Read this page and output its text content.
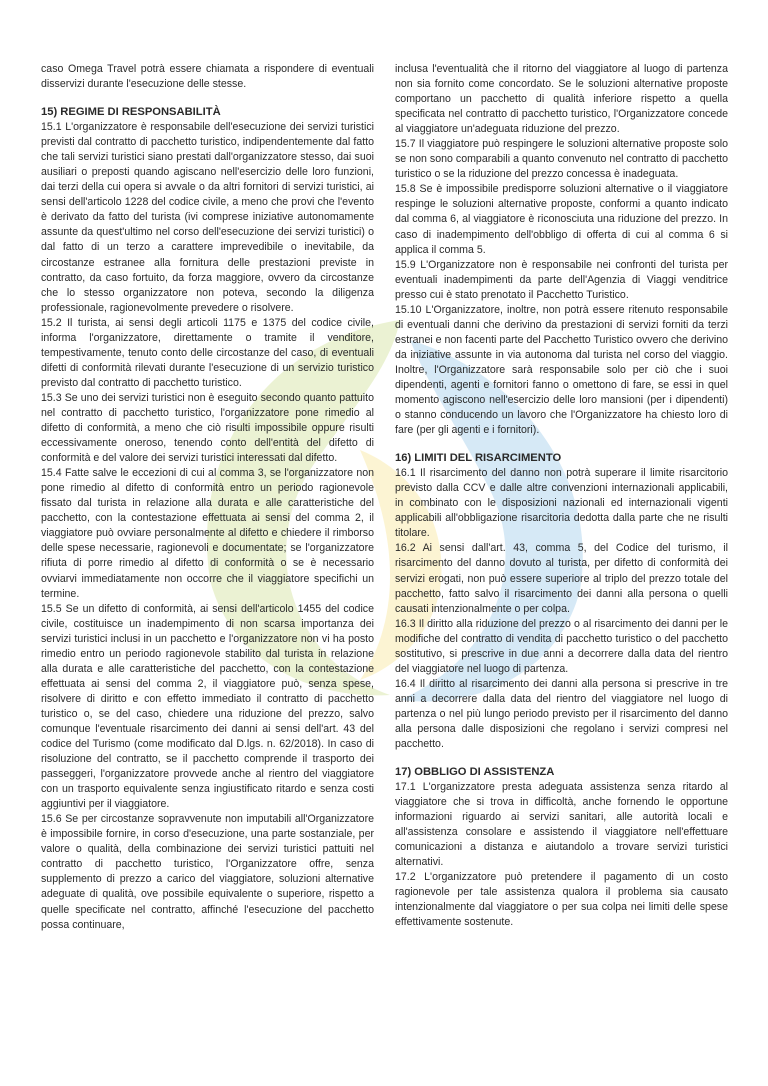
caso Omega Travel potrà essere chiamata a rispondere di eventuali disservizi durante l'esecuzione delle stesse.

15) REGIME DI RESPONSABILITÀ

15.1 L'organizzatore è responsabile dell'esecuzione dei servizi turistici previsti dal contratto di pacchetto turistico, indipendentemente dal fatto che tali servizi turistici siano prestati dall'organizzatore stesso, dai suoi ausiliari o preposti quando agiscano nell'esercizio delle loro funzioni, dai terzi della cui opera si avvale o da altri fornitori di servizi turistici, ai sensi dell'articolo 1228 del codice civile, a meno che provi che l'evento è derivato da fatto del turista (ivi comprese iniziative autonomamente assunte da quest'ultimo nel corso dell'esecuzione dei servizi turistici) o dal fatto di un terzo a carattere imprevedibile o inevitabile, da circostanze estranee alla fornitura delle prestazioni previste in contratto, da caso fortuito, da forza maggiore, ovvero da circostanze che lo stesso organizzatore non poteva, secondo la diligenza professionale, ragionevolmente prevedere o risolvere.

15.2 Il turista, ai sensi degli articoli 1175 e 1375 del codice civile, informa l'organizzatore, direttamente o tramite il venditore, tempestivamente, tenuto conto delle circostanze del caso, di eventuali difetti di conformità rilevati durante l'esecuzione di un servizio turistico previsto dal contratto di pacchetto turistico.

15.3 Se uno dei servizi turistici non è eseguito secondo quanto pattuito nel contratto di pacchetto turistico, l'organizzatore pone rimedio al difetto di conformità, a meno che ciò risulti impossibile oppure risulti eccessivamente oneroso, tenendo conto dell'entità del difetto di conformità e del valore dei servizi turistici interessati dal difetto.

15.4 Fatte salve le eccezioni di cui al comma 3, se l'organizzatore non pone rimedio al difetto di conformità entro un periodo ragionevole fissato dal turista in relazione alla durata e alle caratteristiche del pacchetto, con la contestazione effettuata ai sensi del comma 2, il viaggiatore può ovviare personalmente al difetto e chiedere il rimborso delle spese necessarie, ragionevoli e documentate; se l'organizzatore rifiuta di porre rimedio al difetto di conformità o se è necessario ovviarvi immediatamente non occorre che il viaggiatore specifichi un termine.

15.5 Se un difetto di conformità, ai sensi dell'articolo 1455 del codice civile, costituisce un inadempimento di non scarsa importanza dei servizi turistici inclusi in un pacchetto e l'organizzatore non vi ha posto rimedio entro un periodo ragionevole stabilito dal turista in relazione alla durata e alle caratteristiche del pacchetto, con la contestazione effettuata ai sensi del comma 2, il viaggiatore può, senza spese, risolvere di diritto e con effetto immediato il contratto di pacchetto turistico o, se del caso, chiedere una riduzione del prezzo, salvo comunque l'eventuale risarcimento dei danni ai sensi dell'art. 43 del codice del Turismo (come modificato dal D.lgs. n. 62/2018). In caso di risoluzione del contratto, se il pacchetto comprende il trasporto dei passeggeri, l'organizzatore provvede anche al rientro del viaggiatore con un trasporto equivalente senza ingiustificato ritardo e senza costi aggiuntivi per il viaggiatore.

15.6 Se per circostanze sopravvenute non imputabili all'Organizzatore è impossibile fornire, in corso d'esecuzione, una parte sostanziale, per valore o qualità, della combinazione dei servizi turistici pattuiti nel contratto di pacchetto turistico, l'Organizzatore offre, senza supplemento di prezzo a carico del viaggiatore, soluzioni alternative adeguate di qualità, ove possibile equivalente o superiore, rispetto a quelle specificate nel contratto, affinché l'esecuzione del pacchetto possa continuare,

inclusa l'eventualità che il ritorno del viaggiatore al luogo di partenza non sia fornito come concordato. Se le soluzioni alternative proposte comportano un pacchetto di qualità inferiore rispetto a quella specificata nel contratto di pacchetto turistico, l'Organizzatore concede al viaggiatore un'adeguata riduzione del prezzo.

15.7 Il viaggiatore può respingere le soluzioni alternative proposte solo se non sono comparabili a quanto convenuto nel contratto di pacchetto turistico o se la riduzione del prezzo concessa è inadeguata.

15.8 Se è impossibile predisporre soluzioni alternative o il viaggiatore respinge le soluzioni alternative proposte, conformi a quanto indicato dal comma 6, al viaggiatore è riconosciuta una riduzione del prezzo. In caso di inadempimento dell'obbligo di offerta di cui al comma 6 si applica il comma 5.

15.9 L'Organizzatore non è responsabile nei confronti del turista per eventuali inadempimenti da parte dell'Agenzia di Viaggi venditrice presso cui è stato prenotato il Pacchetto Turistico.

15.10 L'Organizzatore, inoltre, non potrà essere ritenuto responsabile di eventuali danni che derivino da prestazioni di servizi forniti da terzi estranei e non facenti parte del Pacchetto Turistico ovvero che derivino da iniziative assunte in via autonoma dal turista nel corso del viaggio. Inoltre, l'Organizzatore sarà responsabile solo per ciò che i suoi dipendenti, agenti e fornitori fanno o omettono di fare, se essi in quel momento agiscono nell'esercizio delle loro mansioni (per i dipendenti) o stanno conducendo un lavoro che l'Organizzatore ha chiesto loro di fare (per gli agenti e i fornitori).

16) LIMITI DEL RISARCIMENTO

16.1 Il risarcimento del danno non potrà superare il limite risarcitorio previsto dalla CCV e dalle altre convenzioni internazionali applicabili, in combinato con le disposizioni nazionali ed internazionali vigenti applicabili all'obbligazione risarcitoria dedotta dalla parte che ne risulti titolare.

16.2 Ai sensi dall'art. 43, comma 5, del Codice del turismo, il risarcimento del danno dovuto al turista, per difetto di conformità dei servizi erogati, non può essere superiore al triplo del prezzo totale del pacchetto, fatto salvo il risarcimento dei danni alla persona o quelli causati intenzionalmente o per colpa.

16.3 Il diritto alla riduzione del prezzo o al risarcimento dei danni per le modifiche del contratto di vendita di pacchetto turistico o del pacchetto sostitutivo, si prescrive in due anni a decorrere dalla data del rientro del viaggiatore nel luogo di partenza.

16.4 Il diritto al risarcimento dei danni alla persona si prescrive in tre anni a decorrere dalla data del rientro del viaggiatore nel luogo di partenza o nel più lungo periodo previsto per il risarcimento del danno alla persona dalle disposizioni che regolano i servizi compresi nel pacchetto.

17) OBBLIGO DI ASSISTENZA

17.1 L'organizzatore presta adeguata assistenza senza ritardo al viaggiatore che si trova in difficoltà, anche fornendo le opportune informazioni riguardo ai servizi sanitari, alle autorità locali e all'assistenza consolare e assistendo il viaggiatore nell'effettuare comunicazioni a distanza e aiutandolo a trovare servizi turistici alternativi.

17.2 L'organizzatore può pretendere il pagamento di un costo ragionevole per tale assistenza qualora il problema sia causato intenzionalmente dal viaggiatore o per sua colpa nei limiti delle spese effettivamente sostenute.
